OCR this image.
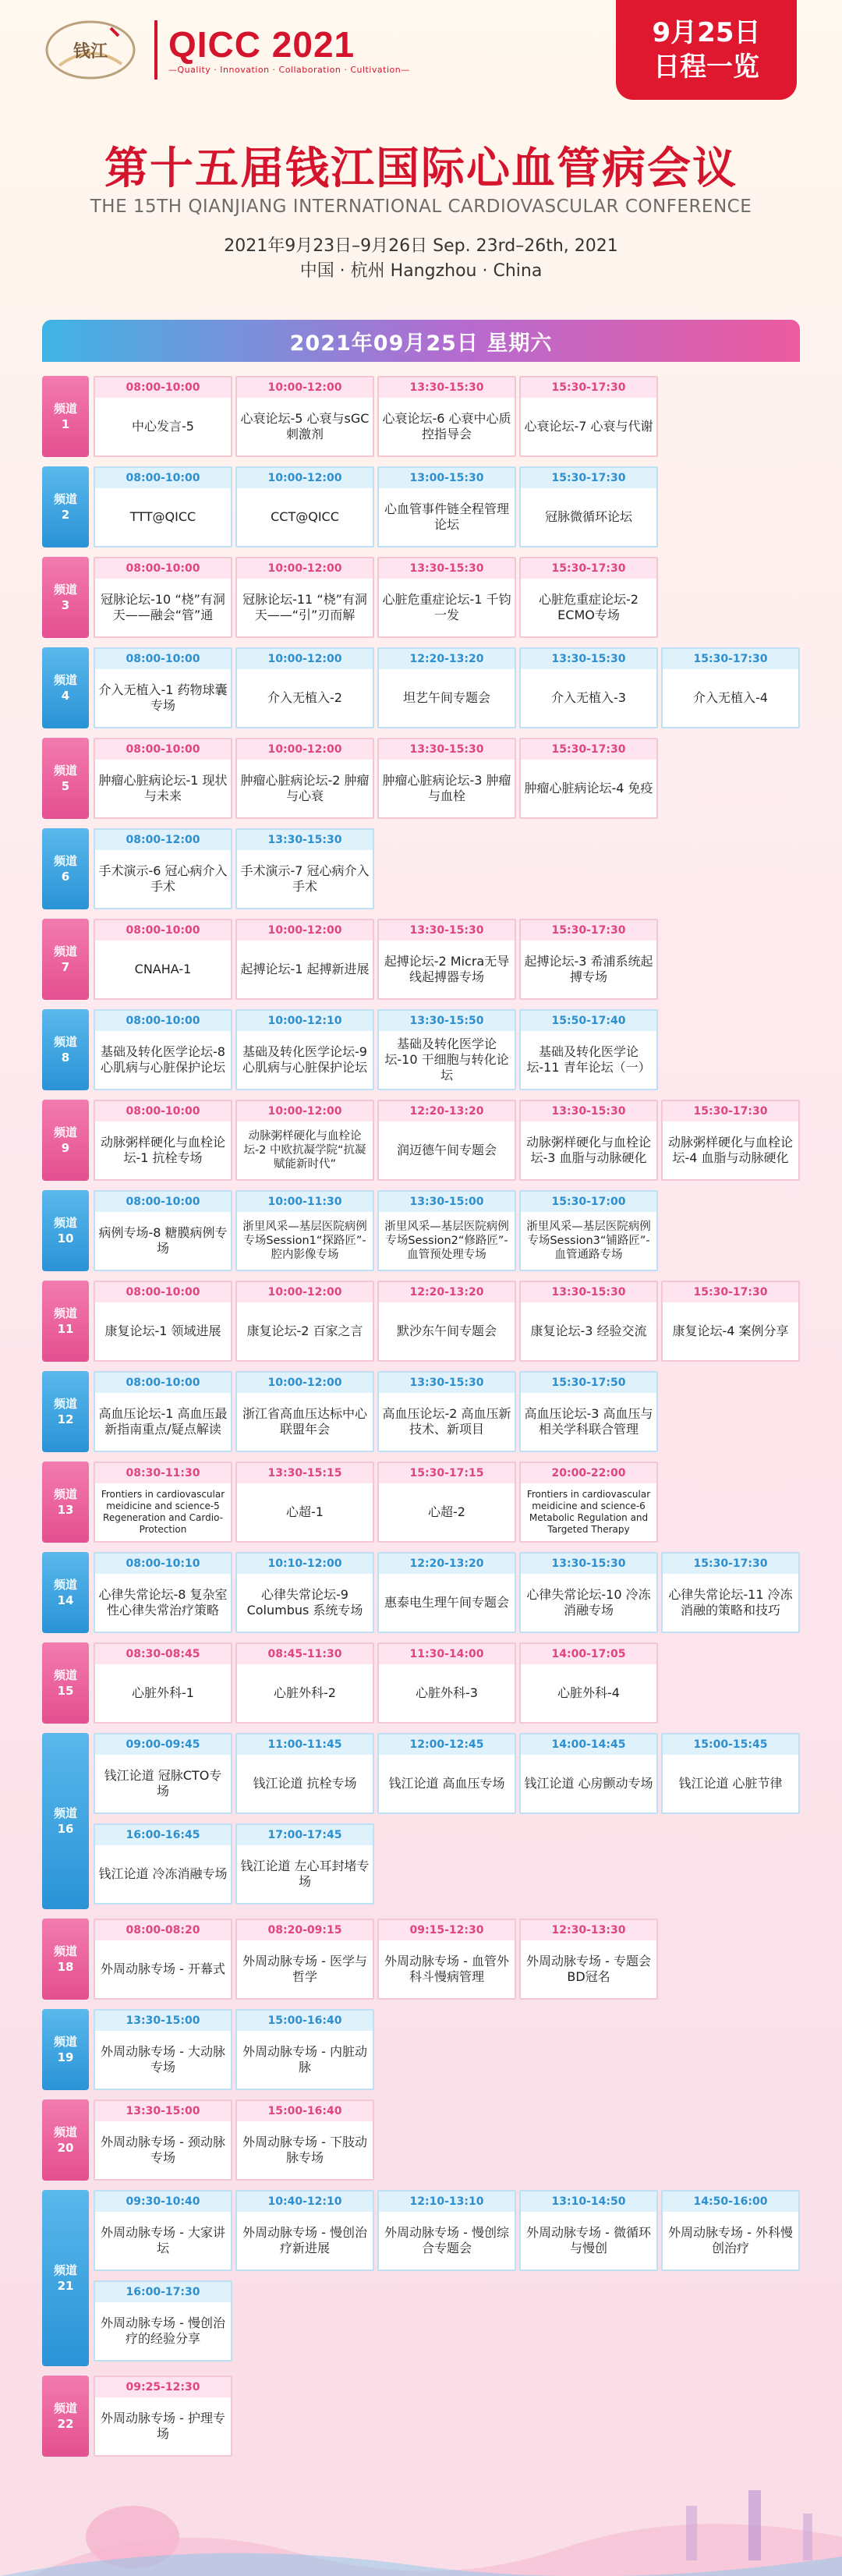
钱江 QICC 2021
—Quality · Innovation · Collaboration · Cultivation—
9月25日
日程一览
第十五届钱江国际心血管病会议
THE 15TH QIANJIANG INTERNATIONAL CARDIOVASCULAR CONFERENCE
2021年9月23日–9月26日 Sep. 23rd–26th, 2021
中国 · 杭州 Hangzhou · China
2021年09月25日 星期六
频道
1
08:00-10:00
中心发言-5
10:00-12:00
心衰论坛-5 心衰与sGC刺激剂
13:30-15:30
心衰论坛-6 心衰中心质控指导会
15:30-17:30
心衰论坛-7 心衰与代谢
频道
2
08:00-10:00
TTT@QICC
10:00-12:00
CCT@QICC
13:00-15:30
心血管事件链全程管理论坛
15:30-17:30
冠脉微循环论坛
频道
3
08:00-10:00
冠脉论坛-10 “桡”有洞天——融会“管”通
10:00-12:00
冠脉论坛-11 “桡”有洞天——“引”刃而解
13:30-15:30
心脏危重症论坛-1 千钧一发
15:30-17:30
心脏危重症论坛-2 ECMO专场
频道
4
08:00-10:00
介入无植入-1 药物球囊专场
10:00-12:00
介入无植入-2
12:20-13:20
坦艺午间专题会
13:30-15:30
介入无植入-3
15:30-17:30
介入无植入-4
频道
5
08:00-10:00
肿瘤心脏病论坛-1 现状与未来
10:00-12:00
肿瘤心脏病论坛-2 肿瘤与心衰
13:30-15:30
肿瘤心脏病论坛-3 肿瘤与血栓
15:30-17:30
肿瘤心脏病论坛-4 免疫
频道
6
08:00-12:00
手术演示-6 冠心病介入手术
13:30-15:30
手术演示-7 冠心病介入手术
频道
7
08:00-10:00
CNAHA-1
10:00-12:00
起搏论坛-1 起搏新进展
13:30-15:30
起搏论坛-2 Micra无导线起搏器专场
15:30-17:30
起搏论坛-3 希浦系统起搏专场
频道
8
08:00-10:00
基础及转化医学论坛-8 心肌病与心脏保护论坛
10:00-12:10
基础及转化医学论坛-9 心肌病与心脏保护论坛
13:30-15:50
基础及转化医学论坛-10 干细胞与转化论坛
15:50-17:40
基础及转化医学论坛-11 青年论坛（一）
频道
9
08:00-10:00
动脉粥样硬化与血栓论坛-1 抗栓专场
10:00-12:00
动脉粥样硬化与血栓论坛-2 中欧抗凝学院“抗凝赋能新时代”
12:20-13:20
润迈德午间专题会
13:30-15:30
动脉粥样硬化与血栓论坛-3 血脂与动脉硬化
15:30-17:30
动脉粥样硬化与血栓论坛-4 血脂与动脉硬化
频道
10
08:00-10:00
病例专场-8 糖膜病例专场
10:00-11:30
浙里风采—基层医院病例专场Session1“探路匠”-腔内影像专场
13:30-15:00
浙里风采—基层医院病例专场Session2“修路匠”-血管预处理专场
15:30-17:00
浙里风采—基层医院病例专场Session3“铺路匠”-血管通路专场
频道
11
08:00-10:00
康复论坛-1 领域进展
10:00-12:00
康复论坛-2 百家之言
12:20-13:20
默沙东午间专题会
13:30-15:30
康复论坛-3 经验交流
15:30-17:30
康复论坛-4 案例分享
频道
12
08:00-10:00
高血压论坛-1 高血压最新指南重点/疑点解读
10:00-12:00
浙江省高血压达标中心联盟年会
13:30-15:30
高血压论坛-2 高血压新技术、新项目
15:30-17:50
高血压论坛-3 高血压与相关学科联合管理
频道
13
08:30-11:30
Frontiers in cardiovascular meidicine and science-5 Regeneration and Cardio-Protection
13:30-15:15
心超-1
15:30-17:15
心超-2
20:00-22:00
Frontiers in cardiovascular meidicine and science-6 Metabolic Regulation and Targeted Therapy
频道
14
08:00-10:10
心律失常论坛-8 复杂室性心律失常治疗策略
10:10-12:00
心律失常论坛-9 Columbus 系统专场
12:20-13:20
惠泰电生理午间专题会
13:30-15:30
心律失常论坛-10 冷冻消融专场
15:30-17:30
心律失常论坛-11 冷冻消融的策略和技巧
频道
15
08:30-08:45
心脏外科-1
08:45-11:30
心脏外科-2
11:30-14:00
心脏外科-3
14:00-17:05
心脏外科-4
频道
16
09:00-09:45
钱江论道 冠脉CTO专场
11:00-11:45
钱江论道 抗栓专场
12:00-12:45
钱江论道 高血压专场
14:00-14:45
钱江论道 心房颤动专场
15:00-15:45
钱江论道 心脏节律
16:00-16:45
钱江论道 冷冻消融专场
17:00-17:45
钱江论道 左心耳封堵专场
频道
18
08:00-08:20
外周动脉专场 - 开幕式
08:20-09:15
外周动脉专场 - 医学与哲学
09:15-12:30
外周动脉专场 - 血管外科斗慢病管理
12:30-13:30
外周动脉专场 - 专题会BD冠名
频道
19
13:30-15:00
外周动脉专场 - 大动脉专场
15:00-16:40
外周动脉专场 - 内脏动脉
频道
20
13:30-15:00
外周动脉专场 - 颈动脉专场
15:00-16:40
外周动脉专场 - 下肢动脉专场
频道
21
09:30-10:40
外周动脉专场 - 大家讲坛
10:40-12:10
外周动脉专场 - 慢创治疗新进展
12:10-13:10
外周动脉专场 - 慢创综合专题会
13:10-14:50
外周动脉专场 - 微循环与慢创
14:50-16:00
外周动脉专场 - 外科慢创治疗
16:00-17:30
外周动脉专场 - 慢创治疗的经验分享
频道
22
09:25-12:30
外周动脉专场 - 护理专场
